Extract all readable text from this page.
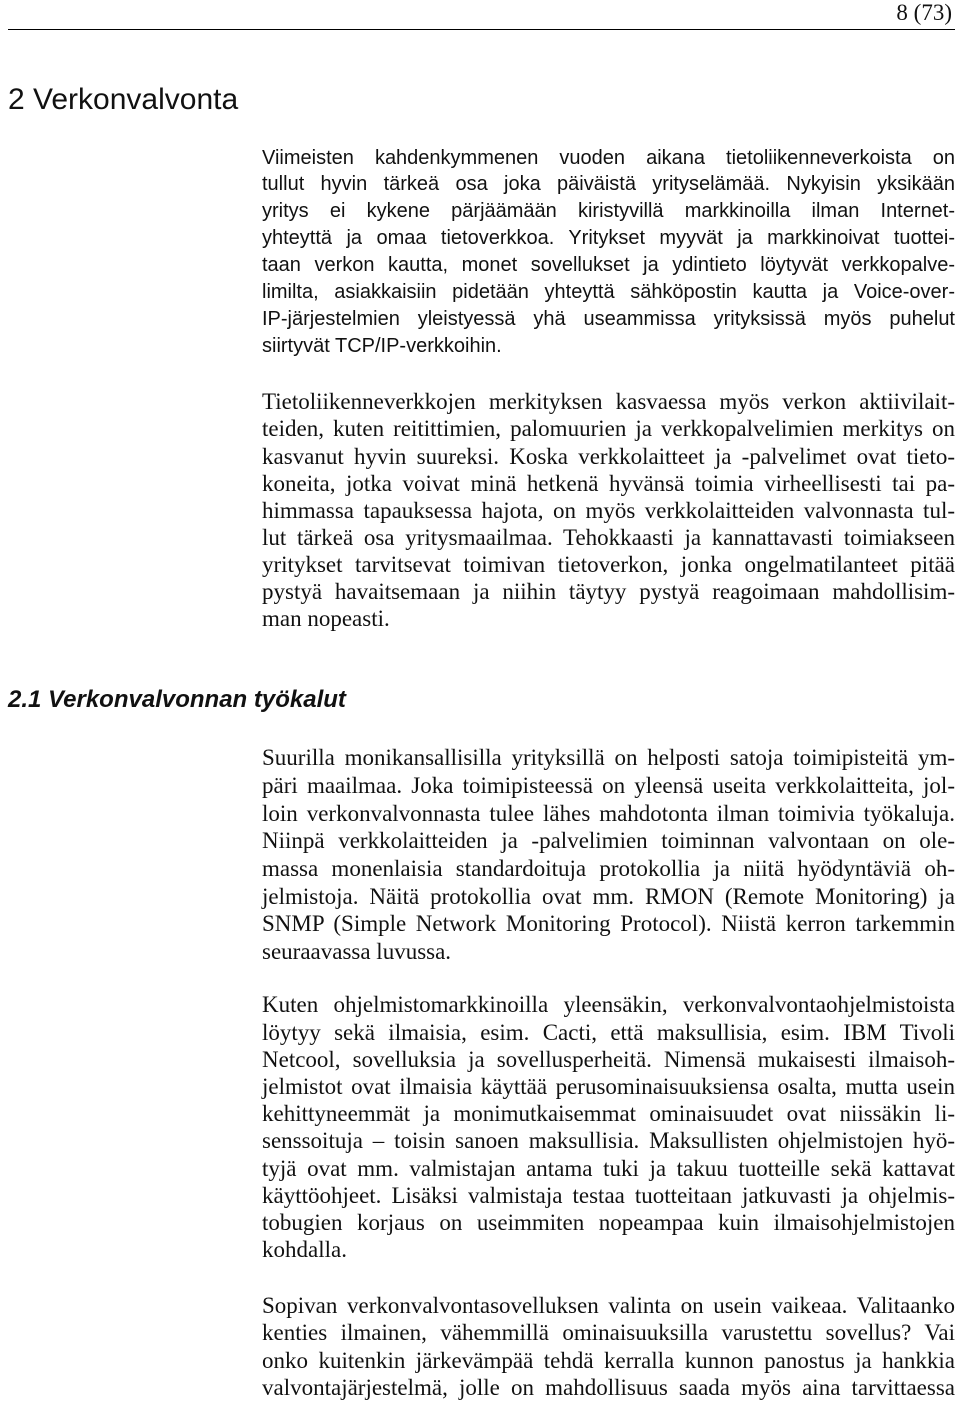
8 (73)
2 Verkonvalvonta
Viimeisten kahdenkymmenen vuoden aikana tietoliikenneverkoista on
tullut hyvin tärkeä osa joka päiväistä yrityselämää. Nykyisin yksikään
yritys ei kykene pärjäämään kiristyvillä markkinoilla ilman Internet-
yhteyttä ja omaa tietoverkkoa. Yritykset myyvät ja markkinoivat tuottei-
taan verkon kautta, monet sovellukset ja ydintieto löytyvät verkkopalve-
limilta, asiakkaisiin pidetään yhteyttä sähköpostin kautta ja Voice-over-
IP-järjestelmien yleistyessä yhä useammissa yrityksissä myös puhelut
siirtyvät TCP/IP-verkkoihin.
Tietoliikenneverkkojen merkityksen kasvaessa myös verkon aktiivilait-
teiden, kuten reitittimien, palomuurien ja verkkopalvelimien merkitys on
kasvanut hyvin suureksi. Koska verkkolaitteet ja -palvelimet ovat tieto-
koneita, jotka voivat minä hetkenä hyvänsä toimia virheellisesti tai pa-
himmassa tapauksessa hajota, on myös verkkolaitteiden valvonnasta tul-
lut tärkeä osa yritysmaailmaa. Tehokkaasti ja kannattavasti toimiakseen
yritykset tarvitsevat toimivan tietoverkon, jonka ongelmatilanteet pitää
pystyä havaitsemaan ja niihin täytyy pystyä reagoimaan mahdollisim-
man nopeasti.
2.1 Verkonvalvonnan työkalut
Suurilla monikansallisilla yrityksillä on helposti satoja toimipisteitä ym-
päri maailmaa. Joka toimipisteessä on yleensä useita verkkolaitteita, jol-
loin verkonvalvonnasta tulee lähes mahdotonta ilman toimivia työkaluja.
Niinpä verkkolaitteiden ja -palvelimien toiminnan valvontaan on ole-
massa monenlaisia standardoituja protokollia ja niitä hyödyntäviä oh-
jelmistoja. Näitä protokollia ovat mm. RMON (Remote Monitoring) ja
SNMP (Simple Network Monitoring Protocol). Niistä kerron tarkemmin
seuraavassa luvussa.
Kuten ohjelmistomarkkinoilla yleensäkin, verkonvalvontaohjelmistoista
löytyy sekä ilmaisia, esim. Cacti, että maksullisia, esim. IBM Tivoli
Netcool, sovelluksia ja sovellusperheitä. Nimensä mukaisesti ilmaisoh-
jelmistot ovat ilmaisia käyttää perusominaisuuksiensa osalta, mutta usein
kehittyneemmät ja monimutkaisemmat ominaisuudet ovat niissäkin li-
senssoituja – toisin sanoen maksullisia. Maksullisten ohjelmistojen hyö-
tyjä ovat mm. valmistajan antama tuki ja takuu tuotteille sekä kattavat
käyttöohjeet. Lisäksi valmistaja testaa tuotteitaan jatkuvasti ja ohjelmis-
tobugien korjaus on useimmiten nopeampaa kuin ilmaisohjelmistojen
kohdalla.
Sopivan verkonvalvontasovelluksen valinta on usein vaikeaa. Valitaanko
kenties ilmainen, vähemmillä ominaisuuksilla varustettu sovellus? Vai
onko kuitenkin järkevämpää tehdä kerralla kunnon panostus ja hankkia
valvontajärjestelmä, jolle on mahdollisuus saada myös aina tarvittaessa
